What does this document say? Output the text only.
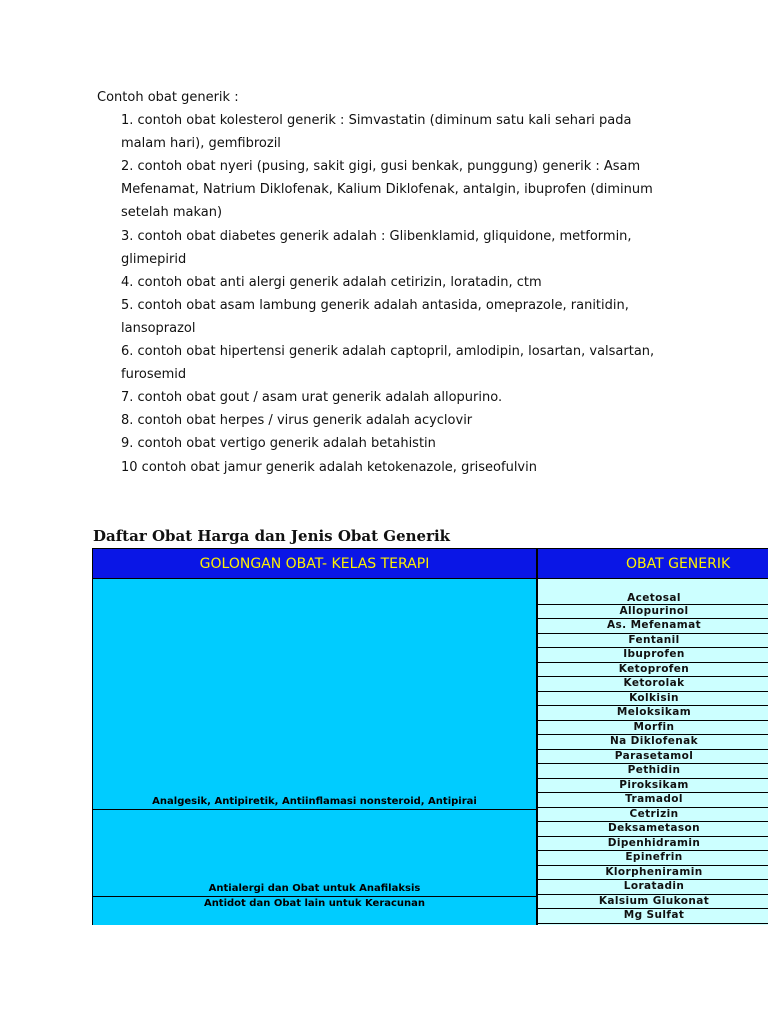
Contoh obat generik :
1. contoh obat kolesterol generik : Simvastatin (diminum satu kali sehari pada
malam hari), gemfibrozil
2. contoh obat nyeri (pusing, sakit gigi, gusi benkak, punggung) generik : Asam
Mefenamat, Natrium Diklofenak, Kalium Diklofenak, antalgin, ibuprofen (diminum
setelah makan)
3. contoh obat diabetes generik adalah : Glibenklamid, gliquidone, metformin,
glimepirid
4. contoh obat anti alergi generik adalah cetirizin, loratadin, ctm
5. contoh obat asam lambung generik adalah antasida, omeprazole, ranitidin,
lansoprazol
6. contoh obat hipertensi generik adalah captopril, amlodipin, losartan, valsartan,
furosemid
7. contoh obat gout / asam urat generik adalah allopurino.
8. contoh obat herpes / virus generik adalah acyclovir
9. contoh obat vertigo generik adalah betahistin
10 contoh obat jamur generik adalah ketokenazole, griseofulvin
Daftar Obat Harga dan Jenis Obat Generik
GOLONGAN OBAT- KELAS TERAPI	OBAT GENERIK
Analgesik, Antipiretik, Antiinflamasi nonsteroid, Antipirai
Antialergi dan Obat untuk Anafilaksis
Antidot dan Obat lain untuk Keracunan
Acetosal
Allopurinol
As. Mefenamat
Fentanil
Ibuprofen
Ketoprofen
Ketorolak
Kolkisin
Meloksikam
Morfin
Na Diklofenak
Parasetamol
Pethidin
Piroksikam
Tramadol
Cetrizin
Deksametason
Dipenhidramin
Epinefrin
Klorpheniramin
Loratadin
Kalsium Glukonat
Mg Sulfat
